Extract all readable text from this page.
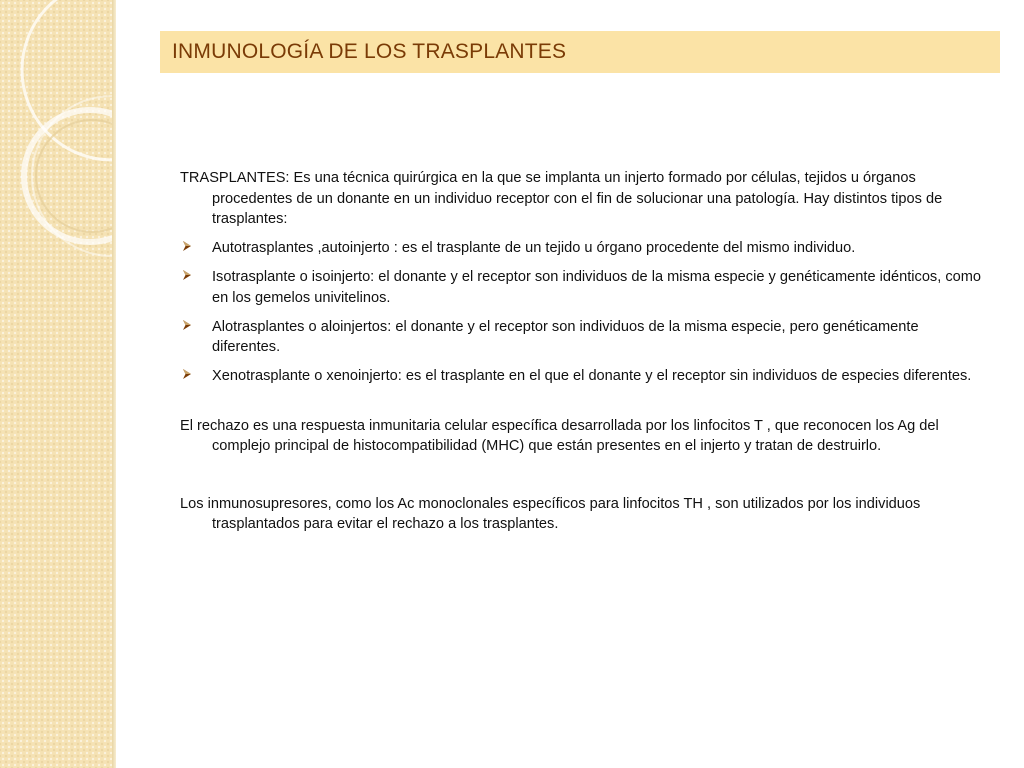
INMUNOLOGÍA DE LOS TRASPLANTES

TRASPLANTES: Es una técnica quirúrgica en la que se implanta un injerto formado por células, tejidos u órganos procedentes de un donante en un individuo receptor con el fin de solucionar una patología. Hay distintos tipos de trasplantes:

Autotrasplantes ,autoinjerto : es el trasplante de un tejido u órgano procedente del mismo individuo.
Isotrasplante o isoinjerto: el donante y el receptor son individuos de la misma especie y genéticamente idénticos, como en los gemelos univitelinos.
Alotrasplantes o aloinjertos: el donante y el receptor son individuos de la misma especie, pero genéticamente diferentes.
Xenotrasplante o xenoinjerto: es el trasplante en el que el donante y el receptor sin individuos de especies diferentes.

El rechazo es una respuesta inmunitaria celular específica desarrollada por los linfocitos T , que reconocen los Ag del complejo principal de histocompatibilidad (MHC) que están presentes en el injerto y tratan de destruirlo.

Los inmunosupresores, como los Ac monoclonales específicos para linfocitos TH , son utilizados por los individuos trasplantados para evitar el rechazo a los trasplantes.
